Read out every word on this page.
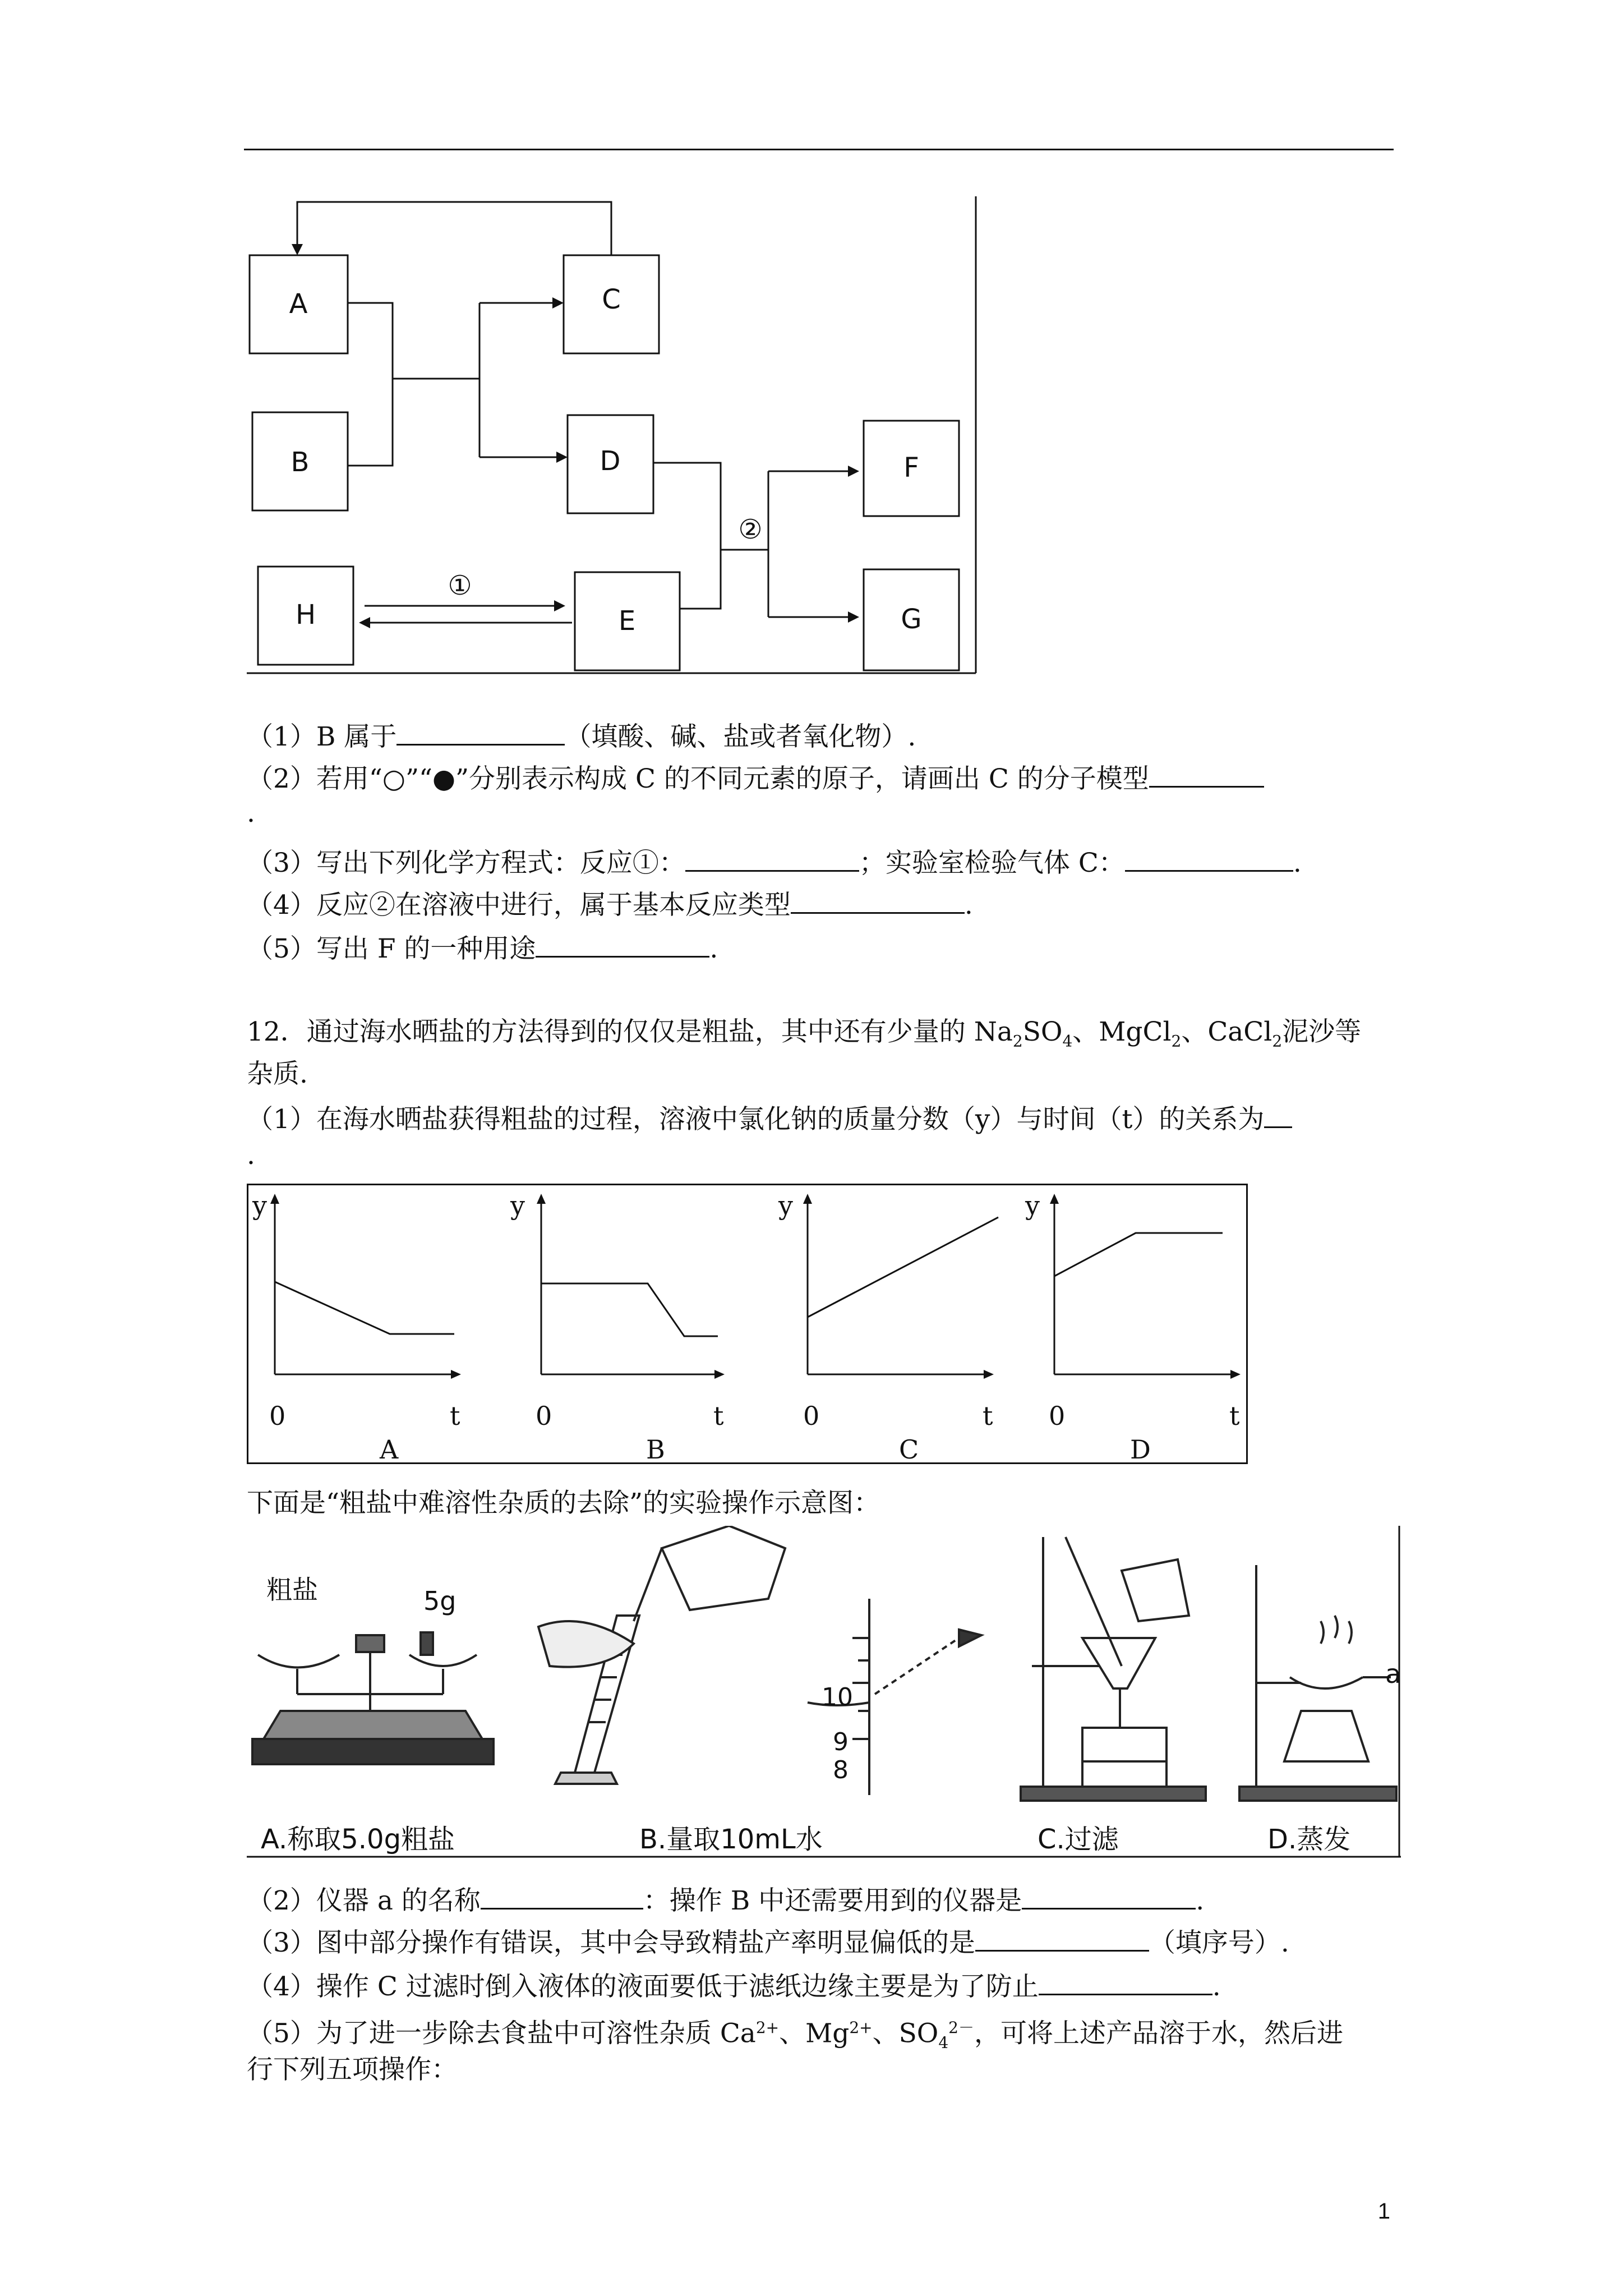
A
B
C
D
E
F
G
H
①
②
（1）B 属于	（填酸、碱、盐或者氧化物）.
（2）若用“○”“●”分别表示构成 C 的不同元素的原子，请画出 C 的分子模型
.
（3）写出下列化学方程式：反应①：	；实验室检验气体 C：	.
（4）反应②在溶液中进行，属于基本反应类型	.
（5）写出 F 的一种用途	.
12．通过海水晒盐的方法得到的仅仅是粗盐，其中还有少量的 $Na_2SO_4$、MgCl$_2$、CaCl$_2$泥沙等
杂质.
（1）在海水晒盐获得粗盐的过程，溶液中氯化钠的质量分数（y）与时间（t）的关系为
.
y
0	t
A
y
0	t
B
y
0	t
C
y
0	t
D
下面是“粗盐中难溶性杂质的去除”的实验操作示意图：
粗盐	5g
10
9
8
a
A.称取5.0g粗盐	B.量取10mL水	C.过滤	D.蒸发
（2）仪器 a 的名称	：操作 B 中还需要用到的仪器是	.
（3）图中部分操作有错误，其中会导致精盐产率明显偏低的是	（填序号）.
（4）操作 C 过滤时倒入液体的液面要低于滤纸边缘主要是为了防止	.
（5）为了进一步除去食盐中可溶性杂质 $Ca^{2+}$、$Mg^{2+}$、$SO_4^{2-}$，可将上述产品溶于水，然后进
行下列五项操作：
1
